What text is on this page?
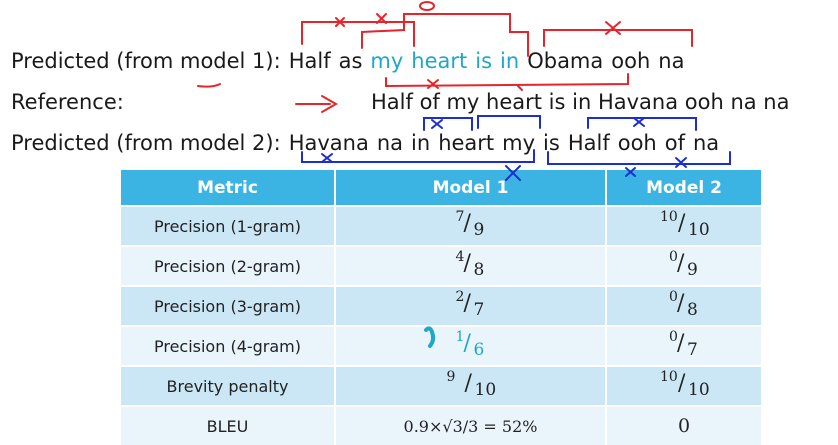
Predicted (from model 1): Half as my heart is in Obama ooh na
Reference:	Half of my heart is in Havana ooh na na
Predicted (from model 2): Havana na in heart my is Half ooh of na
Metric	Model 1	Model 2
Precision (1-gram)	7 / 9	10 / 10

Precision (2-gram)	4 / 8	0 / 9

Precision (3-gram)	2 / 7	0 / 8

Precision (4-gram)	1 / 6	0 / 7

Brevity penalty	9 / 10	10 / 10

BLEU	0.9×√3/3 = 52%	0
